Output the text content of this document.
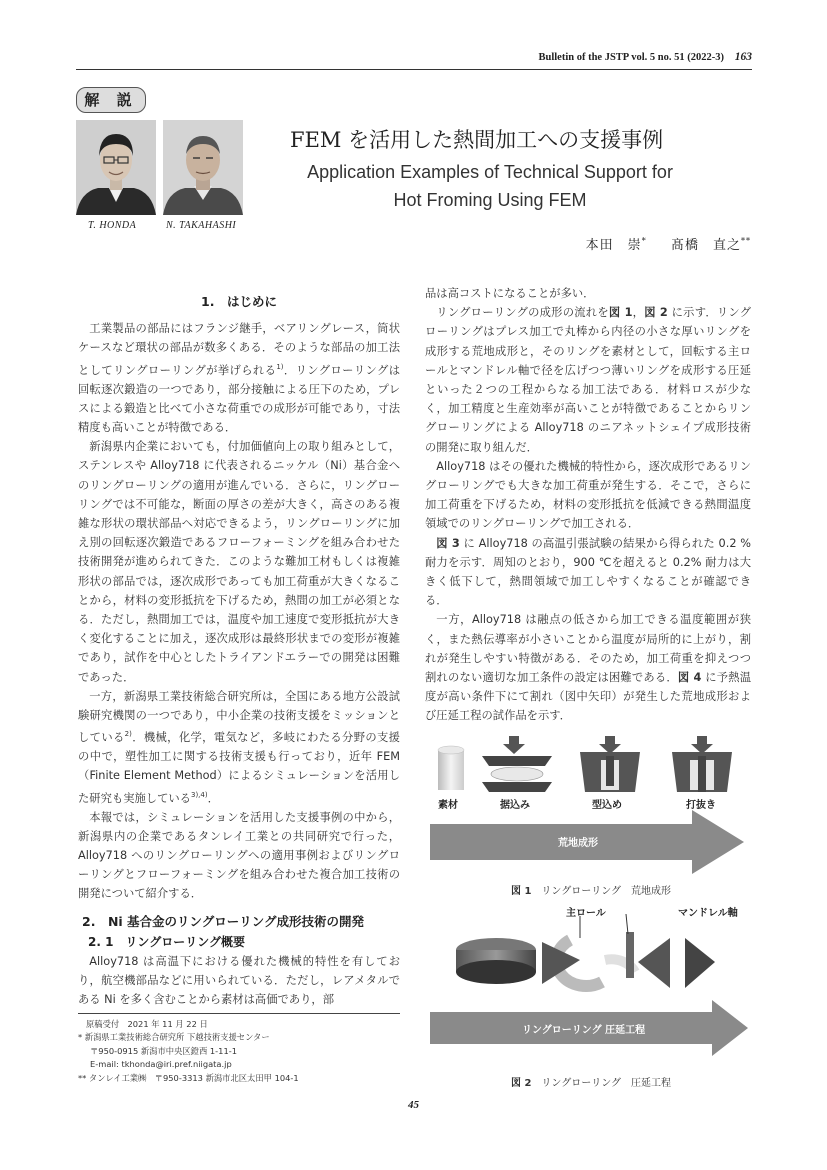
Bulletin of the JSTP vol. 5 no. 51 (2022-3) 163
解 説
T. HONDA	N. TAKAHASHI
FEM を活用した熱間加工への支援事例
Application Examples of Technical Support for
Hot Froming Using FEM
本田　崇* 　 髙橋　直之**
1.　はじめに

工業製品の部品にはフランジ継手，ベアリングレース，筒状ケースなど環状の部品が数多くある．そのような部品の加工法としてリングローリングが挙げられる$^{1)}$．リングローリングは回転逐次鍛造の一つであり，部分接触による圧下のため，プレスによる鍛造と比べて小さな荷重での成形が可能であり，寸法精度も高いことが特徴である．

新潟県内企業においても，付加価値向上の取り組みとして，ステンレスや Alloy718 に代表されるニッケル（Ni）基合金へのリングローリングの適用が進んでいる．さらに，リングローリングでは不可能な，断面の厚さの差が大きく，高さのある複雑な形状の環状部品へ対応できるよう，リングローリングに加え別の回転逐次鍛造であるフローフォーミングを組み合わせた技術開発が進められてきた．このような難加工材もしくは複雑形状の部品では，逐次成形であっても加工荷重が大きくなることから，材料の変形抵抗を下げるため，熱間の加工が必須となる．ただし，熱間加工では，温度や加工速度で変形抵抗が大きく変化することに加え，逐次成形は最終形状までの変形が複雑であり，試作を中心としたトライアンドエラーでの開発は困難であった．

一方，新潟県工業技術総合研究所は，全国にある地方公設試験研究機関の一つであり，中小企業の技術支援をミッションとしている$^{2)}$．機械，化学，電気など，多岐にわたる分野の支援の中で，塑性加工に関する技術支援も行っており，近年 FEM（Finite Element Method）によるシミュレーションを活用した研究も実施している$^{3),4)}$．

本報では，シミュレーションを活用した支援事例の中から，新潟県内の企業であるタンレイ工業との共同研究で行った，Alloy718 へのリングローリングへの適用事例およびリングローリングとフローフォーミングを組み合わせた複合加工技術の開発について紹介する．

2.　Ni 基合金のリングローリング成形技術の開発
2. 1　リングローリング概要

Alloy718 は高温下における優れた機械的特性を有しており，航空機部品などに用いられている．ただし，レアメタルである Ni を多く含むことから素材は高価であり，部

品は高コストになることが多い．

リングローリングの成形の流れを図 1，図 2 に示す．リングローリングはプレス加工で丸棒から内径の小さな厚いリングを成形する荒地成形と，そのリングを素材として，回転する主ロールとマンドレル軸で径を広げつつ薄いリングを成形する圧延といった２つの工程からなる加工法である．材料ロスが少なく，加工精度と生産効率が高いことが特徴であることからリングローリングによる Alloy718 のニアネットシェイプ成形技術の開発に取り組んだ．

Alloy718 はその優れた機械的特性から，逐次成形であるリングローリングでも大きな加工荷重が発生する．そこで，さらに加工荷重を下げるため，材料の変形抵抗を低減できる熱間温度領域でのリングローリングで加工される．

図 3 に Alloy718 の高温引張試験の結果から得られた 0.2 % 耐力を示す．周知のとおり，900 ℃を超えると 0.2% 耐力は大きく低下して，熱間領域で加工しやすくなることが確認できる．

一方，Alloy718 は融点の低さから加工できる温度範囲が狭く，また熱伝導率が小さいことから温度が局所的に上がり，割れが発生しやすい特徴がある．そのため，加工荷重を抑えつつ割れのない適切な加工条件の設定は困難である．図 4 に予熱温度が高い条件下にて割れ（図中矢印）が発生した荒地成形および圧延工程の試作品を示す．

素材	据込み	型込め	打抜き
荒地成形
図 1　 リングローリング　荒地成形
主ロール	マンドレル軸
リングローリング 圧延工程
図 2　 リングローリング　圧延工程
原稿受付　2021 年 11 月 22 日
* 新潟県工業技術総合研究所 下越技術支援センター
〒950-0915 新潟市中央区鐙西 1-11-1
E-mail: tkhonda@iri.pref.niigata.jp
** タンレイ工業㈱　〒950-3313 新潟市北区太田甲 104-1
45
